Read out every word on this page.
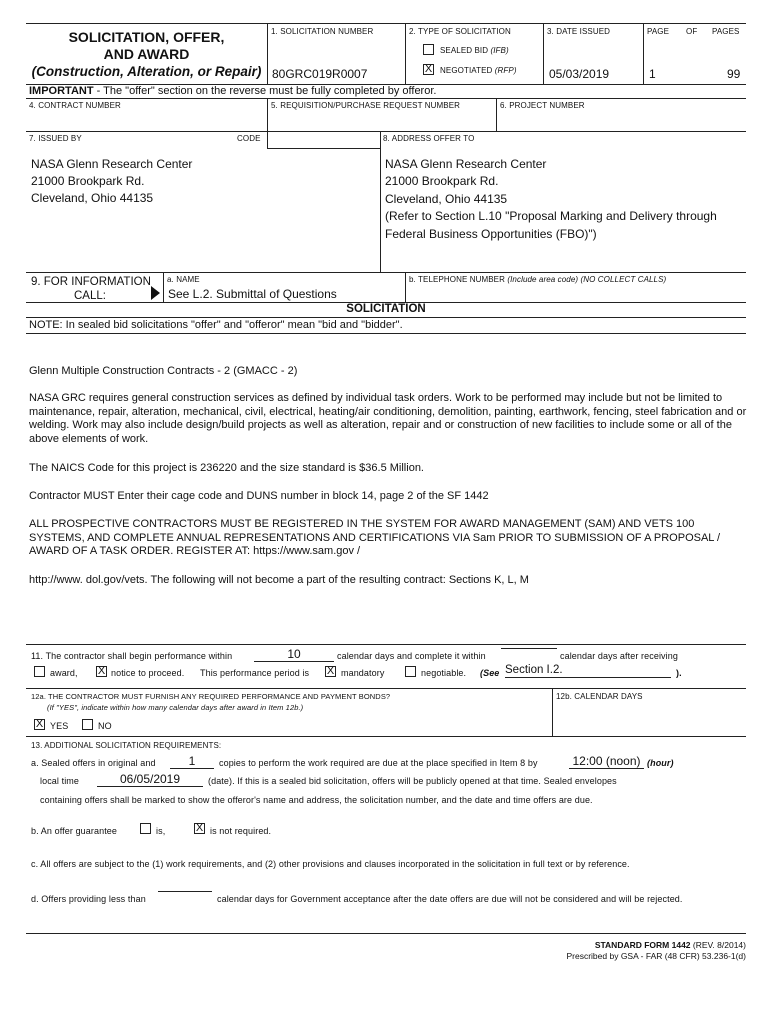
SOLICITATION, OFFER,
AND AWARD
(Construction, Alteration, or Repair)
1. SOLICITATION NUMBER
80GRC019R0007
2. TYPE OF SOLICITATION
SEALED BID (IFB)
X NEGOTIATED (RFP)
3. DATE ISSUED
05/03/2019
PAGE OF PAGES
1	99
IMPORTANT - The "offer" section on the reverse must be fully completed by offeror.
4. CONTRACT NUMBER	5. REQUISITION/PURCHASE REQUEST NUMBER	6. PROJECT NUMBER
7. ISSUED BY	CODE	8. ADDRESS OFFER TO
NASA Glenn Research Center
21000 Brookpark Rd.
Cleveland, Ohio 44135
NASA Glenn Research Center
21000 Brookpark Rd.
Cleveland, Ohio 44135
(Refer to Section L.10 "Proposal Marking and Delivery through
Federal Business Opportunities (FBO)")
9. FOR INFORMATION
CALL:
a. NAME
See L.2. Submittal of Questions
b. TELEPHONE NUMBER (Include area code) (NO COLLECT CALLS)
SOLICITATION
NOTE: In sealed bid solicitations "offer" and "offeror" mean "bid and "bidder".
Glenn Multiple Construction Contracts - 2 (GMACC - 2)
NASA GRC requires general construction services as defined by individual task orders. Work to be performed may include but not be limited to maintenance, repair, alteration, mechanical, civil, electrical, heating/air conditioning, demolition, painting, earthwork, fencing, steel fabrication and or welding. Work may also include design/build projects as well as alteration, repair and or construction of new facilities to include some or all of the above elements of work.
The NAICS Code for this project is 236220 and the size standard is $36.5 Million.
Contractor MUST Enter their cage code and DUNS number in block 14, page 2 of the SF 1442
ALL PROSPECTIVE CONTRACTORS MUST BE REGISTERED IN THE SYSTEM FOR AWARD MANAGEMENT (SAM) AND VETS 100 SYSTEMS, AND COMPLETE ANNUAL REPRESENTATIONS AND CERTIFICATIONS VIA Sam PRIOR TO SUBMISSION OF A PROPOSAL / AWARD OF A TASK ORDER. REGISTER AT: https://www.sam.gov /
http://www. dol.gov/vets. The following will not become a part of the resulting contract: Sections K, L, M
11. The contractor shall begin performance within	10	calendar days and complete it within	calendar days after receiving
award, X notice to proceed. This performance period is X mandatory	negotiable. (See Section I.2.	).
12a. THE CONTRACTOR MUST FURNISH ANY REQUIRED PERFORMANCE AND PAYMENT BONDS?
(If "YES", indicate within how many calendar days after award in Item 12b.)
12b. CALENDAR DAYS
X YES	NO
13. ADDITIONAL SOLICITATION REQUIREMENTS:
a. Sealed offers in original and	1	copies to perform the work required are due at the place specified in Item 8 by	12:00 (noon) (hour)
local time	06/05/2019	(date). If this is a sealed bid solicitation, offers will be publicly opened at that time. Sealed envelopes
containing offers shall be marked to show the offeror's name and address, the solicitation number, and the date and time offers are due.
b. An offer guarantee	is,	X is not required.
c. All offers are subject to the (1) work requirements, and (2) other provisions and clauses incorporated in the solicitation in full text or by reference.
d. Offers providing less than	calendar days for Government acceptance after the date offers are due will not be considered and will be rejected.
STANDARD FORM 1442 (REV. 8/2014)
Prescribed by GSA - FAR (48 CFR) 53.236-1(d)
